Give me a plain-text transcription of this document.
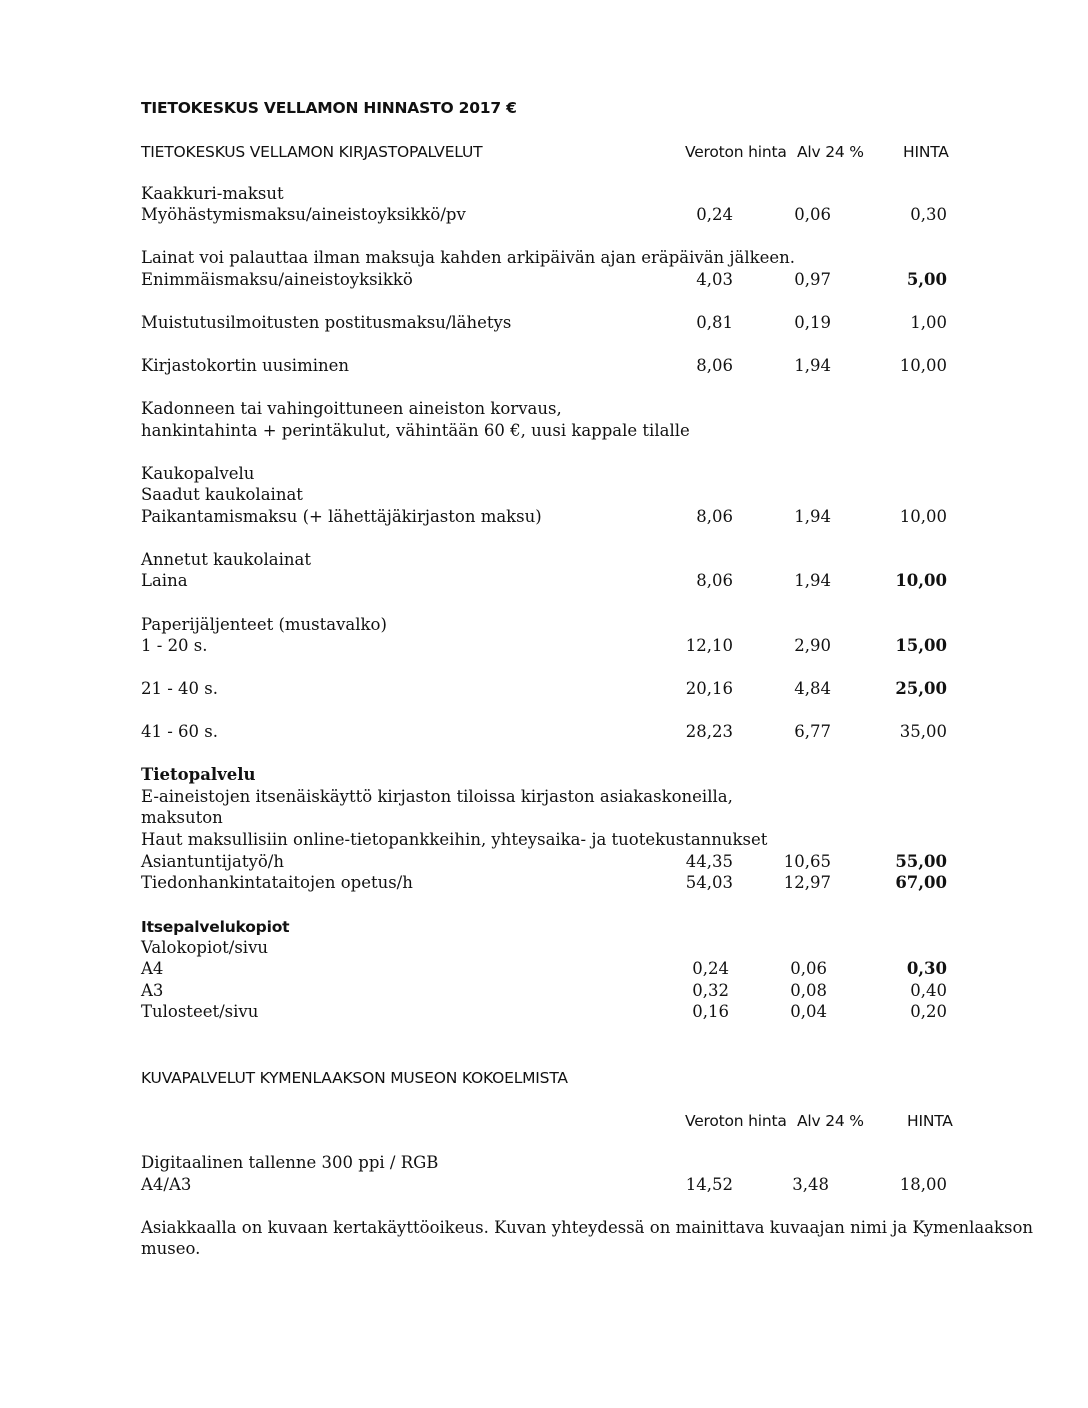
TIETOKESKUS VELLAMON HINNASTO 2017 €
TIETOKESKUS VELLAMON KIRJASTOPALVELUT	Veroton hinta Alv 24 %	HINTA
Kaakkuri-maksut
Myöhästymismaksu/aineistoyksikkö/pv	0,24	0,06	0,30
Lainat voi palauttaa ilman maksuja kahden arkipäivän ajan eräpäivän jälkeen.
Enimmäismaksu/aineistoyksikkö	4,03	0,97	5,00
Muistutusilmoitusten postitusmaksu/lähetys	0,81	0,19	1,00
Kirjastokortin uusiminen	8,06	1,94	10,00
Kadonneen tai vahingoittuneen aineiston korvaus,
hankintahinta + perintäkulut, vähintään 60 €, uusi kappale tilalle
Kaukopalvelu
Saadut kaukolainat
Paikantamismaksu (+ lähettäjäkirjaston maksu)	8,06	1,94	10,00
Annetut kaukolainat
Laina	8,06	1,94	10,00
Paperijäljenteet (mustavalko)
1 - 20 s.	12,10	2,90	15,00
21 - 40 s.	20,16	4,84	25,00
41 - 60 s.	28,23	6,77	35,00
Tietopalvelu
E-aineistojen itsenäiskäyttö kirjaston tiloissa kirjaston asiakaskoneilla,
maksuton
Haut maksullisiin online-tietopankkeihin, yhteysaika- ja tuotekustannukset
Asiantuntijatyö/h	44,35	10,65	55,00
Tiedonhankintataitojen opetus/h	54,03	12,97	67,00
Itsepalvelukopiot
Valokopiot/sivu
A4	0,24	0,06	0,30
A3	0,32	0,08	0,40
Tulosteet/sivu	0,16	0,04	0,20
KUVAPALVELUT KYMENLAAKSON MUSEON KOKOELMISTA
Veroton hinta Alv 24 %	HINTA
Digitaalinen tallenne 300 ppi / RGB
A4/A3	14,52	3,48	18,00
Asiakkaalla on kuvaan kertakäyttöoikeus. Kuvan yhteydessä on mainittava kuvaajan nimi ja Kymenlaakson
museo.
